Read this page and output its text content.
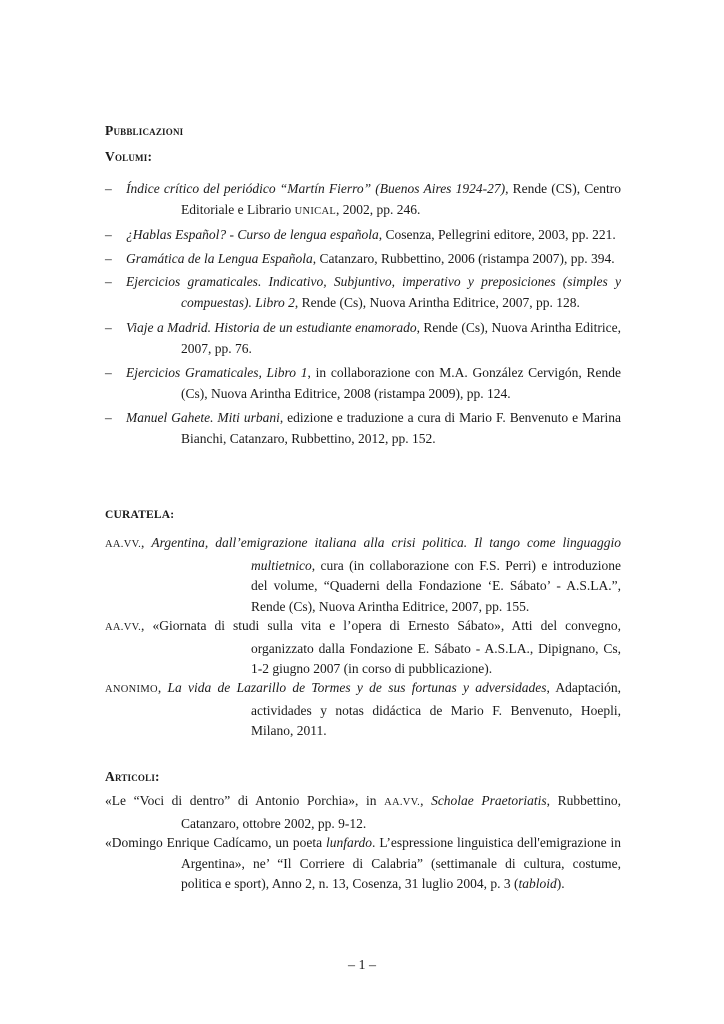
Pubblicazioni
Volumi:
– Índice crítico del periódico “Martín Fierro” (Buenos Aires 1924-27), Rende (CS), Centro
Editoriale e Librario UNICAL, 2002, pp. 246.
– ¿Hablas Español? - Curso de lengua española, Cosenza, Pellegrini editore, 2003, pp. 221.
– Gramática de la Lengua Española, Catanzaro, Rubbettino, 2006 (ristampa 2007), pp. 394.
– Ejercicios gramaticales. Indicativo, Subjuntivo, imperativo y preposiciones (simples y
compuestas). Libro 2, Rende (Cs), Nuova Arintha Editrice, 2007, pp. 128.
– Viaje a Madrid. Historia de un estudiante enamorado, Rende (Cs), Nuova Arintha Editrice,
2007, pp. 76.
– Ejercicios Gramaticales, Libro 1, in collaborazione con M.A. González Cervigón, Rende
(Cs), Nuova Arintha Editrice, 2008 (ristampa 2009), pp. 124.
– Manuel Gahete. Miti urbani, edizione e traduzione a cura di Mario F. Benvenuto e Marina
Bianchi, Catanzaro, Rubbettino, 2012, pp. 152.
CURATELA:
AA.VV., Argentina, dall’emigrazione italiana alla crisi politica. Il tango come linguaggio
multietnico, cura (in collaborazione con F.S. Perri) e introduzione
del volume, “Quaderni della Fondazione ‘E. Sábato’ - A.S.LA.”,
Rende (Cs), Nuova Arintha Editrice, 2007, pp. 155.
AA.VV., «Giornata di studi sulla vita e l’opera di Ernesto Sábato», Atti del convegno,
organizzato dalla Fondazione E. Sábato - A.S.LA., Dipignano, Cs,
1-2 giugno 2007 (in corso di pubblicazione).
ANONIMO, La vida de Lazarillo de Tormes y de sus fortunas y adversidades, Adaptación,
actividades y notas didáctica de Mario F. Benvenuto, Hoepli,
Milano, 2011.
Articoli:
«Le “Voci di dentro” di Antonio Porchia», in AA.VV., Scholae Praetoriatis, Rubbettino,
Catanzaro, ottobre 2002, pp. 9-12.
«Domingo Enrique Cadícamo, un poeta lunfardo. L’espressione linguistica dell'emigrazione in
Argentina», ne’ “Il Corriere di Calabria” (settimanale di cultura, costume,
politica e sport), Anno 2, n. 13, Cosenza, 31 luglio 2004, p. 3 (tabloid).
– 1 –
